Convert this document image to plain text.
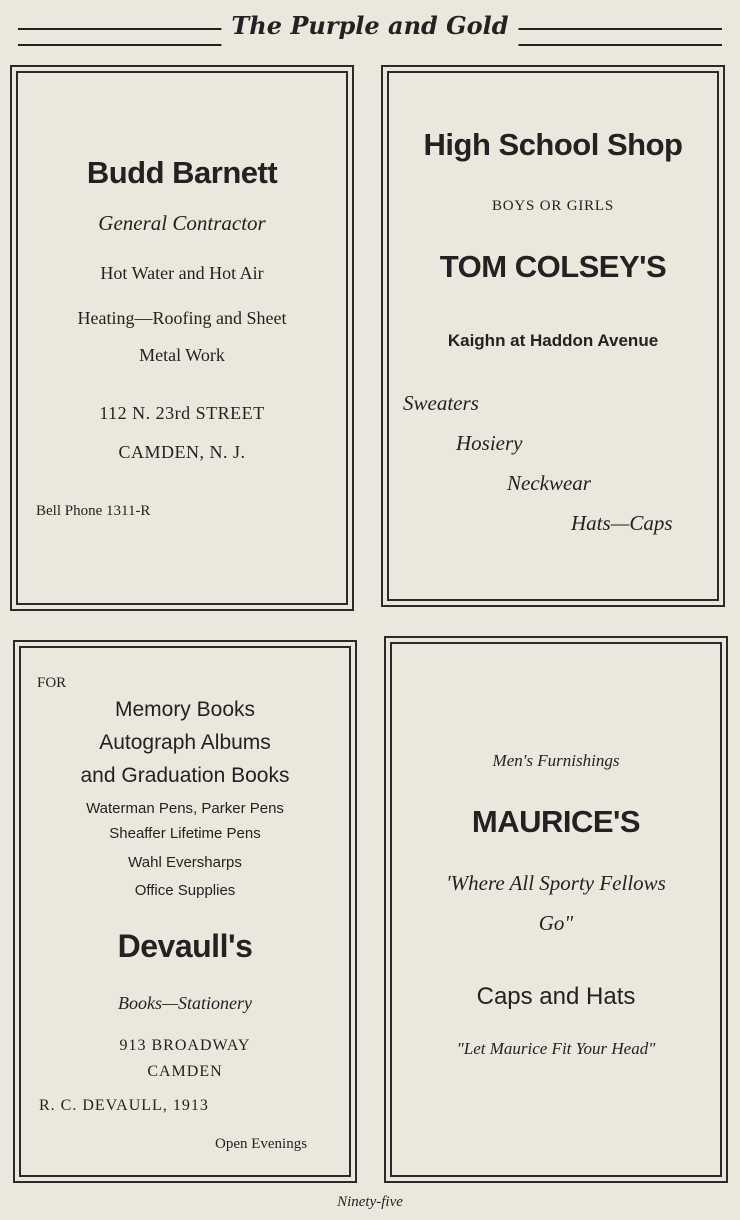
The Purple and Gold
Budd Barnett
General Contractor
Hot Water and Hot Air
Heating—Roofing and Sheet
Metal Work
112 N. 23rd STREET
CAMDEN, N. J.
Bell Phone 1311-R
High School Shop
BOYS OR GIRLS
TOM COLSEY'S
Kaighn at Haddon Avenue
Sweaters
Hosiery
Neckwear
Hats—Caps
FOR
Memory Books
Autograph Albums
and Graduation Books
Waterman Pens, Parker Pens
Sheaffer Lifetime Pens
Wahl Eversharps
Office Supplies
Devaull's
Books—Stationery
913 BROADWAY
CAMDEN
R. C. DEVAULL, 1913
Open Evenings
Men's Furnishings
MAURICE'S
'Where All Sporty Fellows
Go"
Caps and Hats
"Let Maurice Fit Your Head"
Ninety-five
